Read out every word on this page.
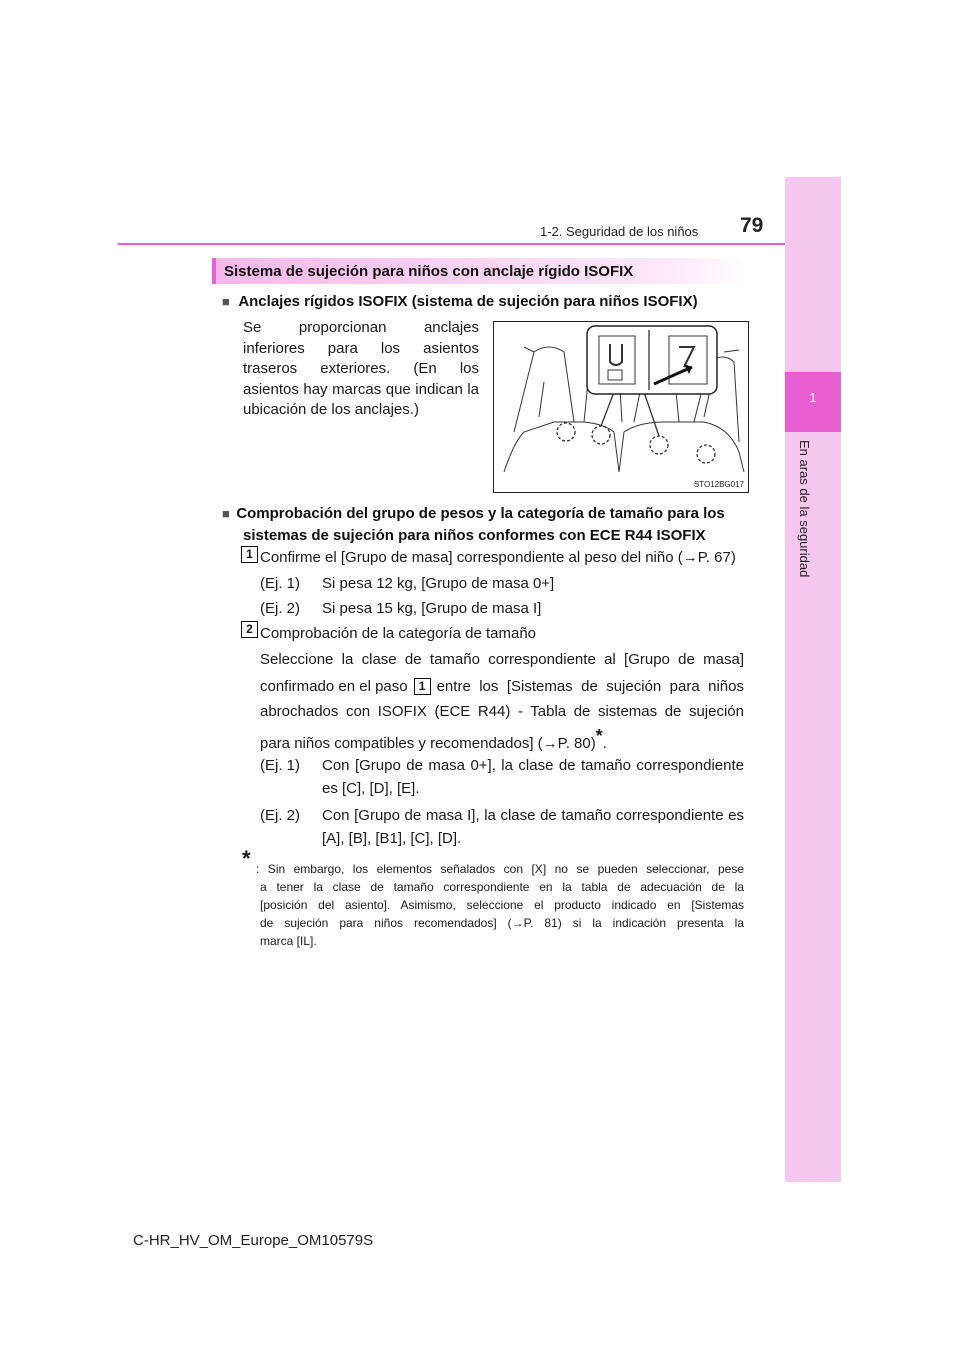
1
En aras de la seguridad
1-2. Seguridad de los niños 79
Sistema de sujeción para niños con anclaje rígido ISOFIX
■ Anclajes rígidos ISOFIX (sistema de sujeción para niños ISOFIX)
Se proporcionan anclajes
inferiores para los asientos
traseros exteriores. (En los
asientos hay marcas que indican la
ubicación de los anclajes.)
STO12BG017
■ Comprobación del grupo de pesos y la categoría de tamaño para los
sistemas de sujeción para niños conformes con ECE R44 ISOFIX
1 Confirme el [Grupo de masa] correspondiente al peso del niño (→P. 67)
(Ej. 1) Si pesa 12 kg, [Grupo de masa 0+]
(Ej. 2) Si pesa 15 kg, [Grupo de masa I]
2 Comprobación de la categoría de tamaño
Seleccione la clase de tamaño correspondiente al [Grupo de masa]
confirmado en el paso 1 entre los [Sistemas de sujeción para niños
abrochados con ISOFIX (ECE R44) - Tabla de sistemas de sujeción
para niños compatibles y recomendados] (→P. 80)*.
(Ej. 1) Con [Grupo de masa 0+], la clase de tamaño correspondiente
es [C], [D], [E].
(Ej. 2) Con [Grupo de masa I], la clase de tamaño correspondiente es
[A], [B], [B1], [C], [D].
* : Sin embargo, los elementos señalados con [X] no se pueden seleccionar, pese
a tener la clase de tamaño correspondiente en la tabla de adecuación de la
[posición del asiento]. Asimismo, seleccione el producto indicado en [Sistemas
de sujeción para niños recomendados] (→P. 81) si la indicación presenta la
marca [IL].
C-HR_HV_OM_Europe_OM10579S
